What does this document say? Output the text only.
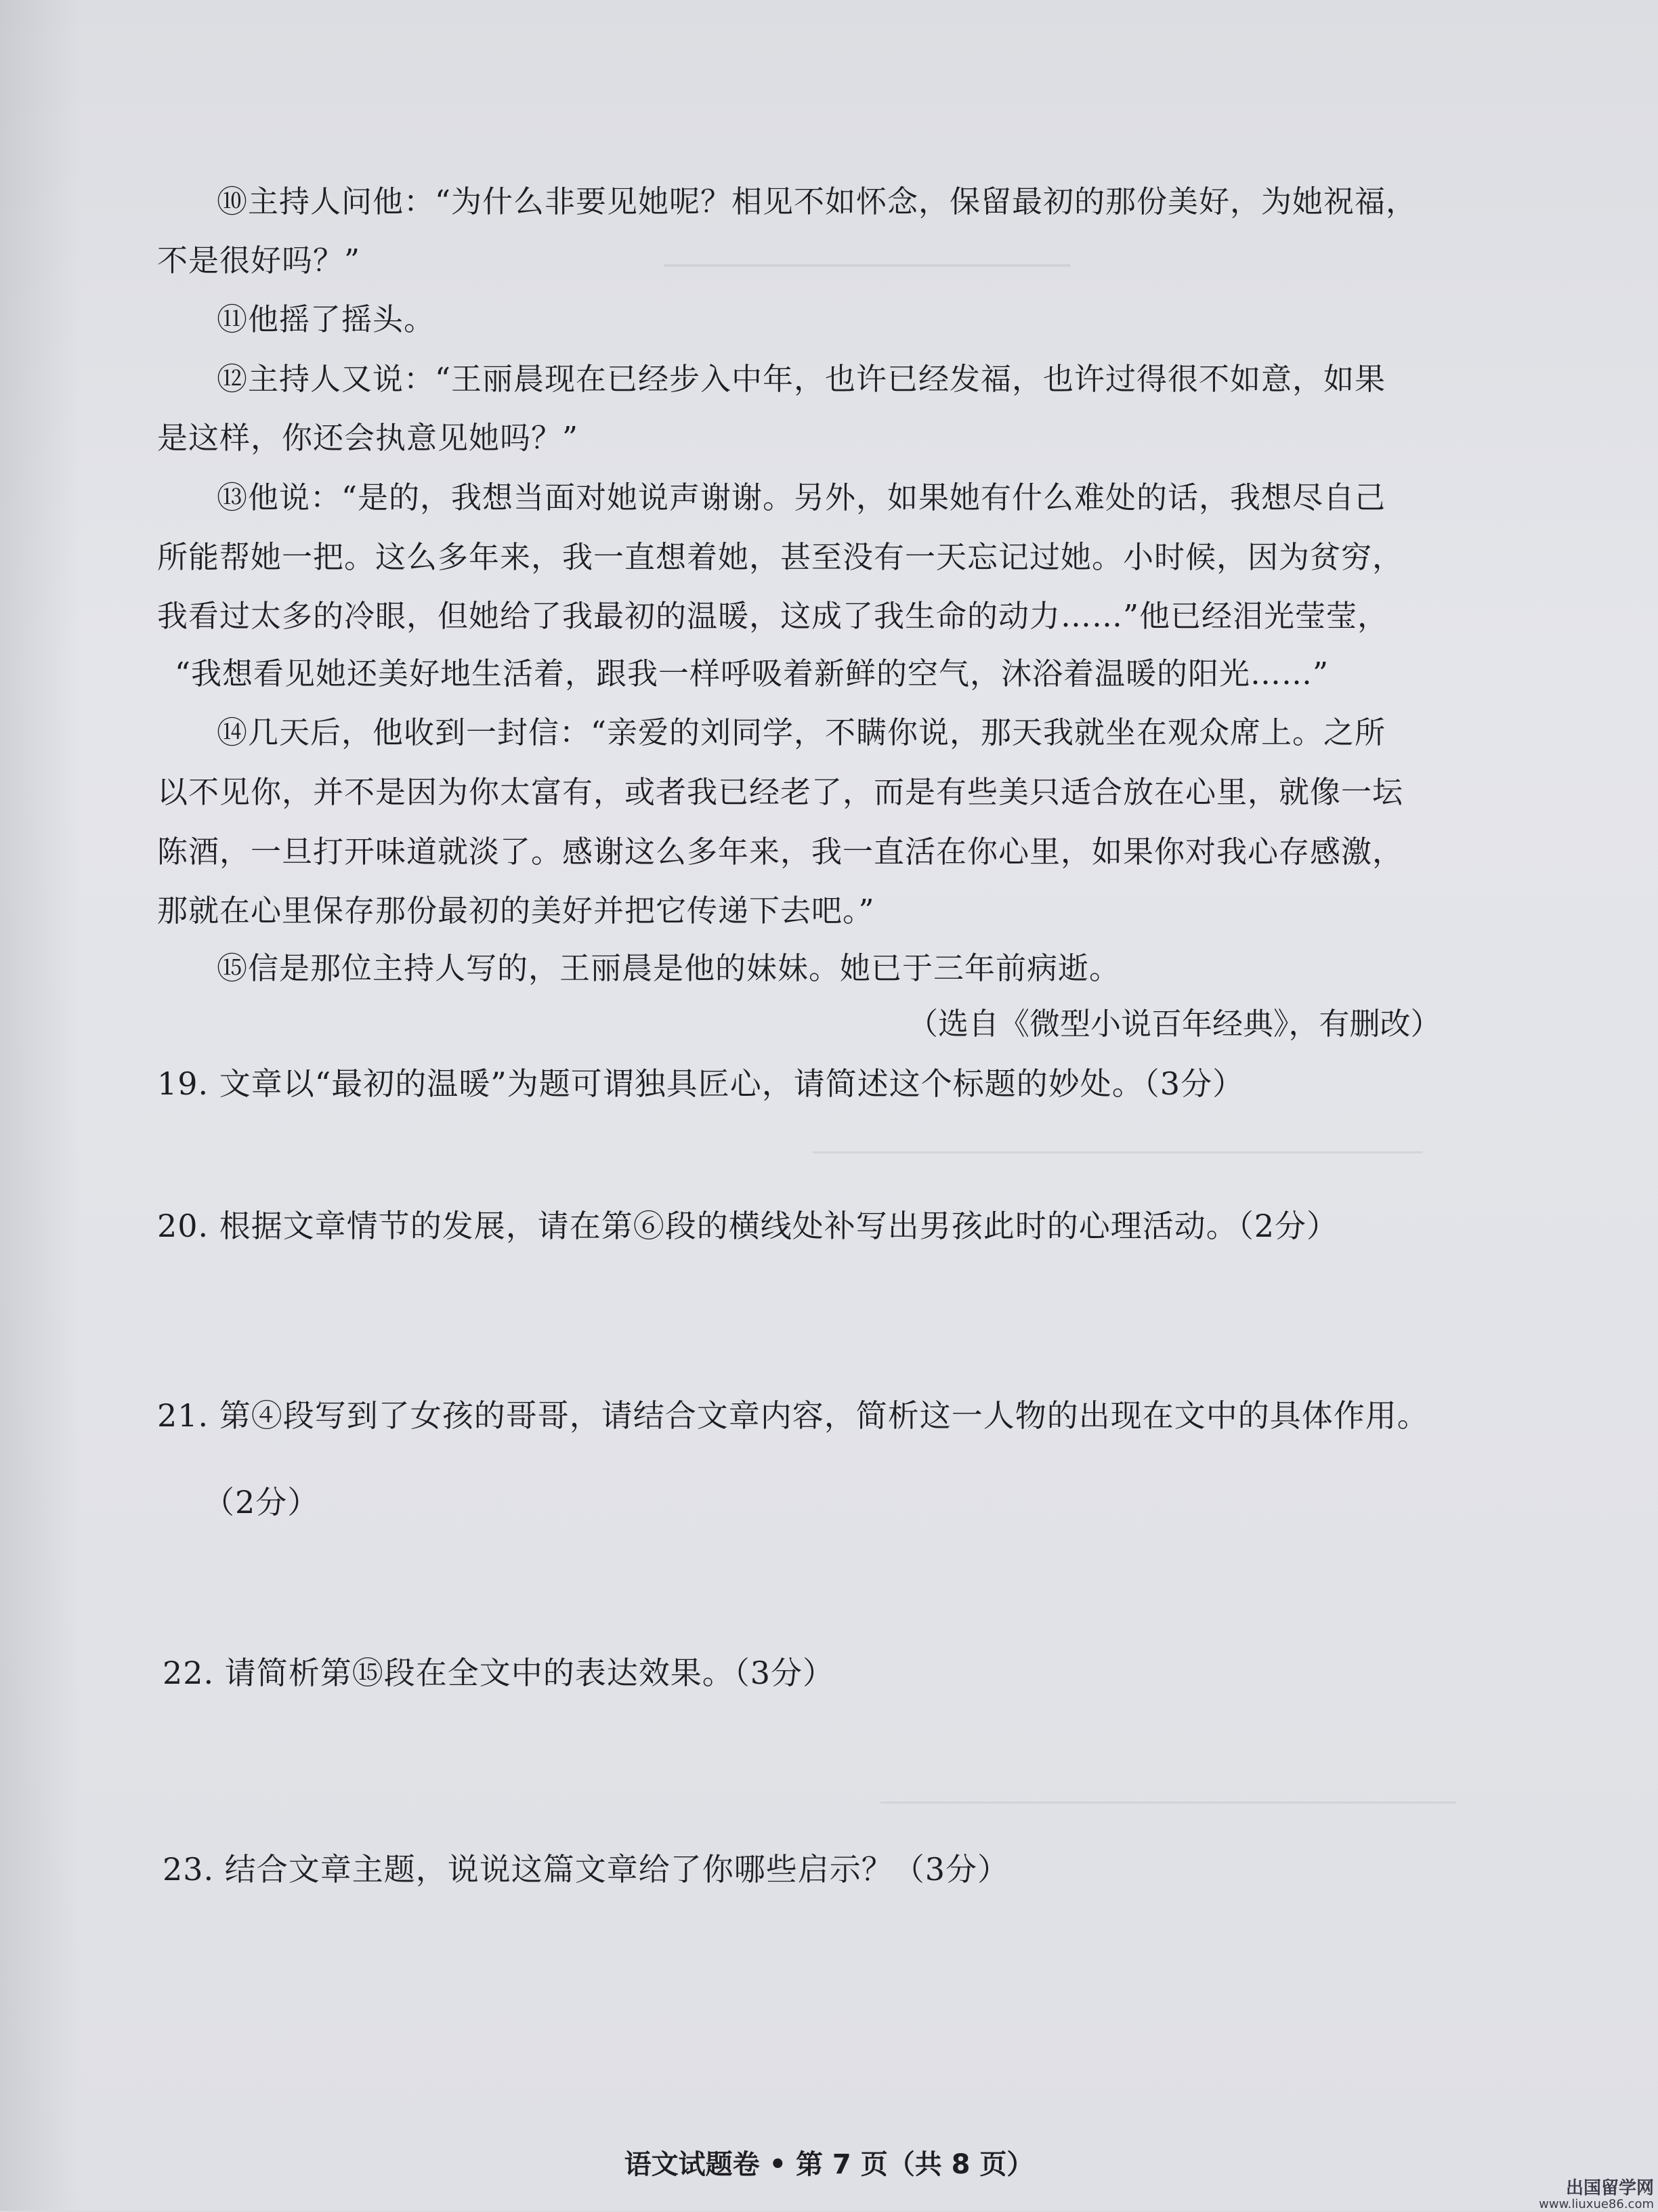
⑩主持人问他：“为什么非要见她呢？相见不如怀念，保留最初的那份美好，为她祝福，
不是很好吗？”
⑪他摇了摇头。
⑫主持人又说：“王丽晨现在已经步入中年，也许已经发福，也许过得很不如意，如果
是这样，你还会执意见她吗？”
⑬他说：“是的，我想当面对她说声谢谢。另外，如果她有什么难处的话，我想尽自己
所能帮她一把。这么多年来，我一直想着她，甚至没有一天忘记过她。小时候，因为贫穷，
我看过太多的冷眼，但她给了我最初的温暖，这成了我生命的动力……”他已经泪光莹莹，
“我想看见她还美好地生活着，跟我一样呼吸着新鲜的空气，沐浴着温暖的阳光……”
⑭几天后，他收到一封信：“亲爱的刘同学，不瞒你说，那天我就坐在观众席上。之所
以不见你，并不是因为你太富有，或者我已经老了，而是有些美只适合放在心里，就像一坛
陈酒，一旦打开味道就淡了。感谢这么多年来，我一直活在你心里，如果你对我心存感激，
那就在心里保存那份最初的美好并把它传递下去吧。”
⑮信是那位主持人写的，王丽晨是他的妹妹。她已于三年前病逝。
（选自《微型小说百年经典》，有删改）
19. 文章以“最初的温暖”为题可谓独具匠心，请简述这个标题的妙处。（3分）
20. 根据文章情节的发展，请在第⑥段的横线处补写出男孩此时的心理活动。（2分）
21. 第④段写到了女孩的哥哥，请结合文章内容，简析这一人物的出现在文中的具体作用。
（2分）
22. 请简析第⑮段在全文中的表达效果。（3分）
23. 结合文章主题，说说这篇文章给了你哪些启示？（3分）
语文试题卷 • 第 7 页（共 8 页）
出国留学网
www.liuxue86.com
